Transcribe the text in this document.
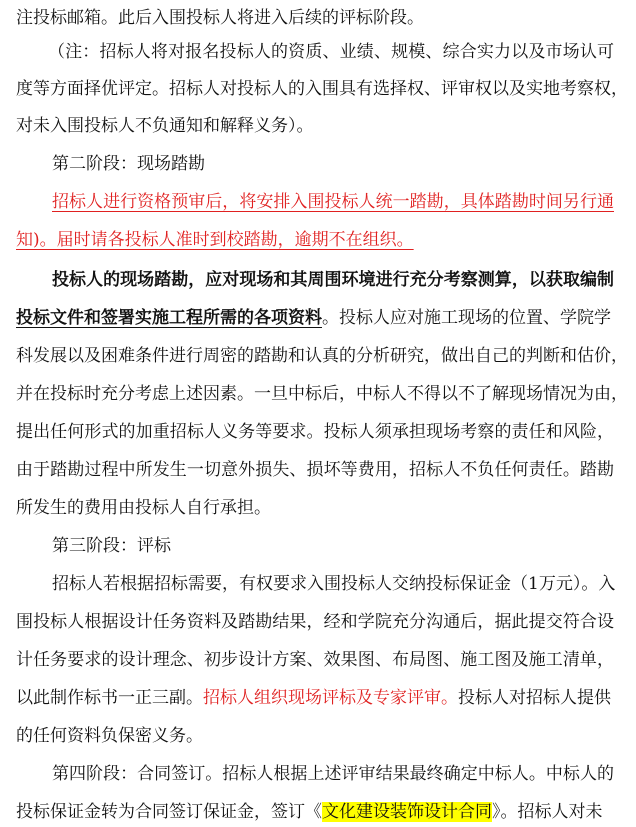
注投标邮箱。此后入围投标人将进入后续的评标阶段。
（注：招标人将对报名投标人的资质、业绩、规模、综合实力以及市场认可
度等方面择优评定。招标人对投标人的入围具有选择权、评审权以及实地考察权，
对未入围投标人不负通知和解释义务）。
第二阶段：现场踏勘
招标人进行资格预审后，将安排入围投标人统一踏勘，具体踏勘时间另行通
知)。届时请各投标人准时到校踏勘，逾期不在组织。
投标人的现场踏勘，应对现场和其周围环境进行充分考察测算，以获取编制
投标文件和签署实施工程所需的各项资料。投标人应对施工现场的位置、学院学
科发展以及困难条件进行周密的踏勘和认真的分析研究，做出自己的判断和估价，
并在投标时充分考虑上述因素。一旦中标后，中标人不得以不了解现场情况为由，
提出任何形式的加重招标人义务等要求。投标人须承担现场考察的责任和风险，
由于踏勘过程中所发生一切意外损失、损坏等费用，招标人不负任何责任。踏勘
所发生的费用由投标人自行承担。
第三阶段：评标
招标人若根据招标需要，有权要求入围投标人交纳投标保证金（1万元）。入
围投标人根据设计任务资料及踏勘结果，经和学院充分沟通后，据此提交符合设
计任务要求的设计理念、初步设计方案、效果图、布局图、施工图及施工清单，
以此制作标书一正三副。招标人组织现场评标及专家评审。投标人对招标人提供
的任何资料负保密义务。
第四阶段：合同签订。招标人根据上述评审结果最终确定中标人。中标人的
投标保证金转为合同签订保证金，签订《文化建设装饰设计合同》。招标人对未
